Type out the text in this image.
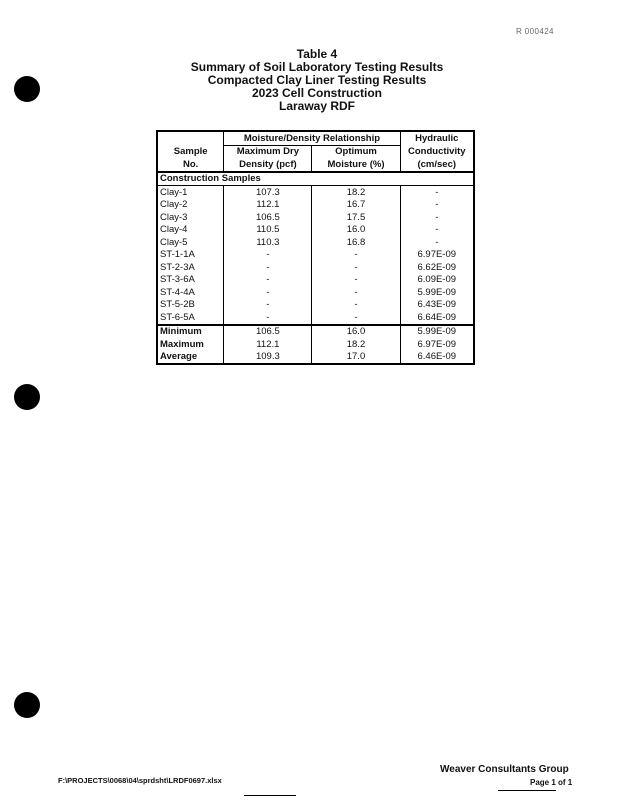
R 000424
Table 4
Summary of Soil Laboratory Testing Results
Compacted Clay Liner Testing Results
2023 Cell Construction
Laraway RDF
	Moisture/Density Relationship		Hydraulic
Sample	Maximum Dry	Optimum	Conductivity
No.	Density (pcf)	Moisture (%)	(cm/sec)
Construction Samples			
Clay-1	107.3	18.2	-
Clay-2	112.1	16.7	-
Clay-3	106.5	17.5	-
Clay-4	110.5	16.0	-
Clay-5	110.3	16.8	-
ST-1-1A	-	-	6.97E-09
ST-2-3A	-	-	6.62E-09
ST-3-6A	-	-	6.09E-09
ST-4-4A	-	-	5.99E-09
ST-5-2B	-	-	6.43E-09
ST-6-5A	-	-	6.64E-09
Minimum	106.5	16.0	5.99E-09
Maximum	112.1	18.2	6.97E-09
Average	109.3	17.0	6.46E-09
F:\PROJECTS\0068\04\sprdsht\LRDF0697.xlsx
Weaver Consultants Group
Page 1 of 1
